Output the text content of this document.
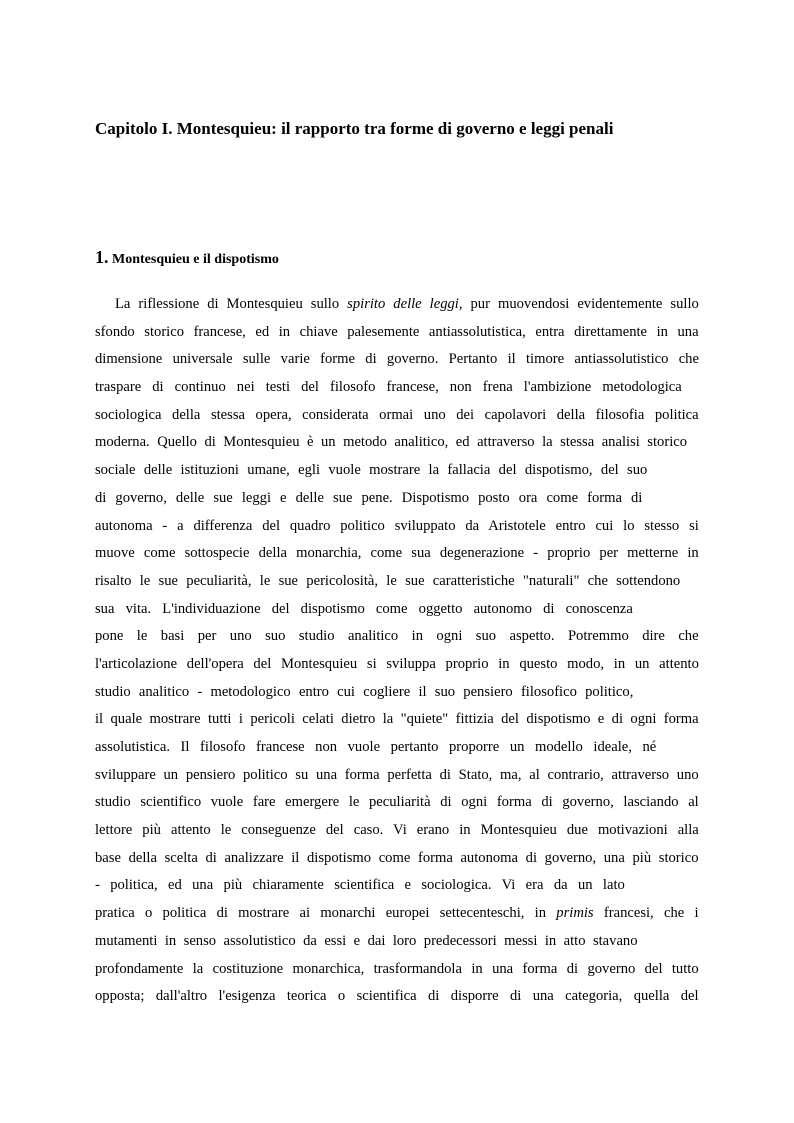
Capitolo I. Montesquieu: il rapporto tra forme di governo e leggi penali
1. Montesquieu e il dispotismo
La riflessione di Montesquieu sullo spirito delle leggi, pur muovendosi evidentemente sullo
sfondo storico francese, ed in chiave palesemente antiassolutistica, entra direttamente in una
dimensione universale sulle varie forme di governo. Pertanto il timore antiassolutistico che
traspare di continuo nei testi del filosofo francese, non frena l'ambizione metodologica
sociologica della stessa opera, considerata ormai uno dei capolavori della filosofia politica
moderna. Quello di Montesquieu è un metodo analitico, ed attraverso la stessa analisi storico
sociale delle istituzioni umane, egli vuole mostrare la fallacia del dispotismo, del suo
di governo, delle sue leggi e delle sue pene. Dispotismo posto ora come forma di
autonoma - a differenza del quadro politico sviluppato da Aristotele entro cui lo stesso si
muove come sottospecie della monarchia, come sua degenerazione - proprio per metterne in
risalto le sue peculiarità, le sue pericolosità, le sue caratteristiche "naturali" che sottendono
sua vita. L'individuazione del dispotismo come oggetto autonomo di conoscenza
pone le basi per uno suo studio analitico in ogni suo aspetto. Potremmo dire che
l'articolazione dell'opera del Montesquieu si sviluppa proprio in questo modo, in un attento
studio analitico - metodologico entro cui cogliere il suo pensiero filosofico politico,
il quale mostrare tutti i pericoli celati dietro la "quiete" fittizia del dispotismo e di ogni forma
assolutistica. Il filosofo francese non vuole pertanto proporre un modello ideale, né
sviluppare un pensiero politico su una forma perfetta di Stato, ma, al contrario, attraverso uno
studio scientifico vuole fare emergere le peculiarità di ogni forma di governo, lasciando al
lettore più attento le conseguenze del caso. Vi erano in Montesquieu due motivazioni alla
base della scelta di analizzare il dispotismo come forma autonoma di governo, una più storico
- politica, ed una più chiaramente scientifica e sociologica. Vi era da un lato
pratica o politica di mostrare ai monarchi europei settecenteschi, in primis francesi, che i
mutamenti in senso assolutistico da essi e dai loro predecessori messi in atto stavano
profondamente la costituzione monarchica, trasformandola in una forma di governo del tutto
opposta; dall'altro l'esigenza teorica o scientifica di disporre di una categoria, quella del
